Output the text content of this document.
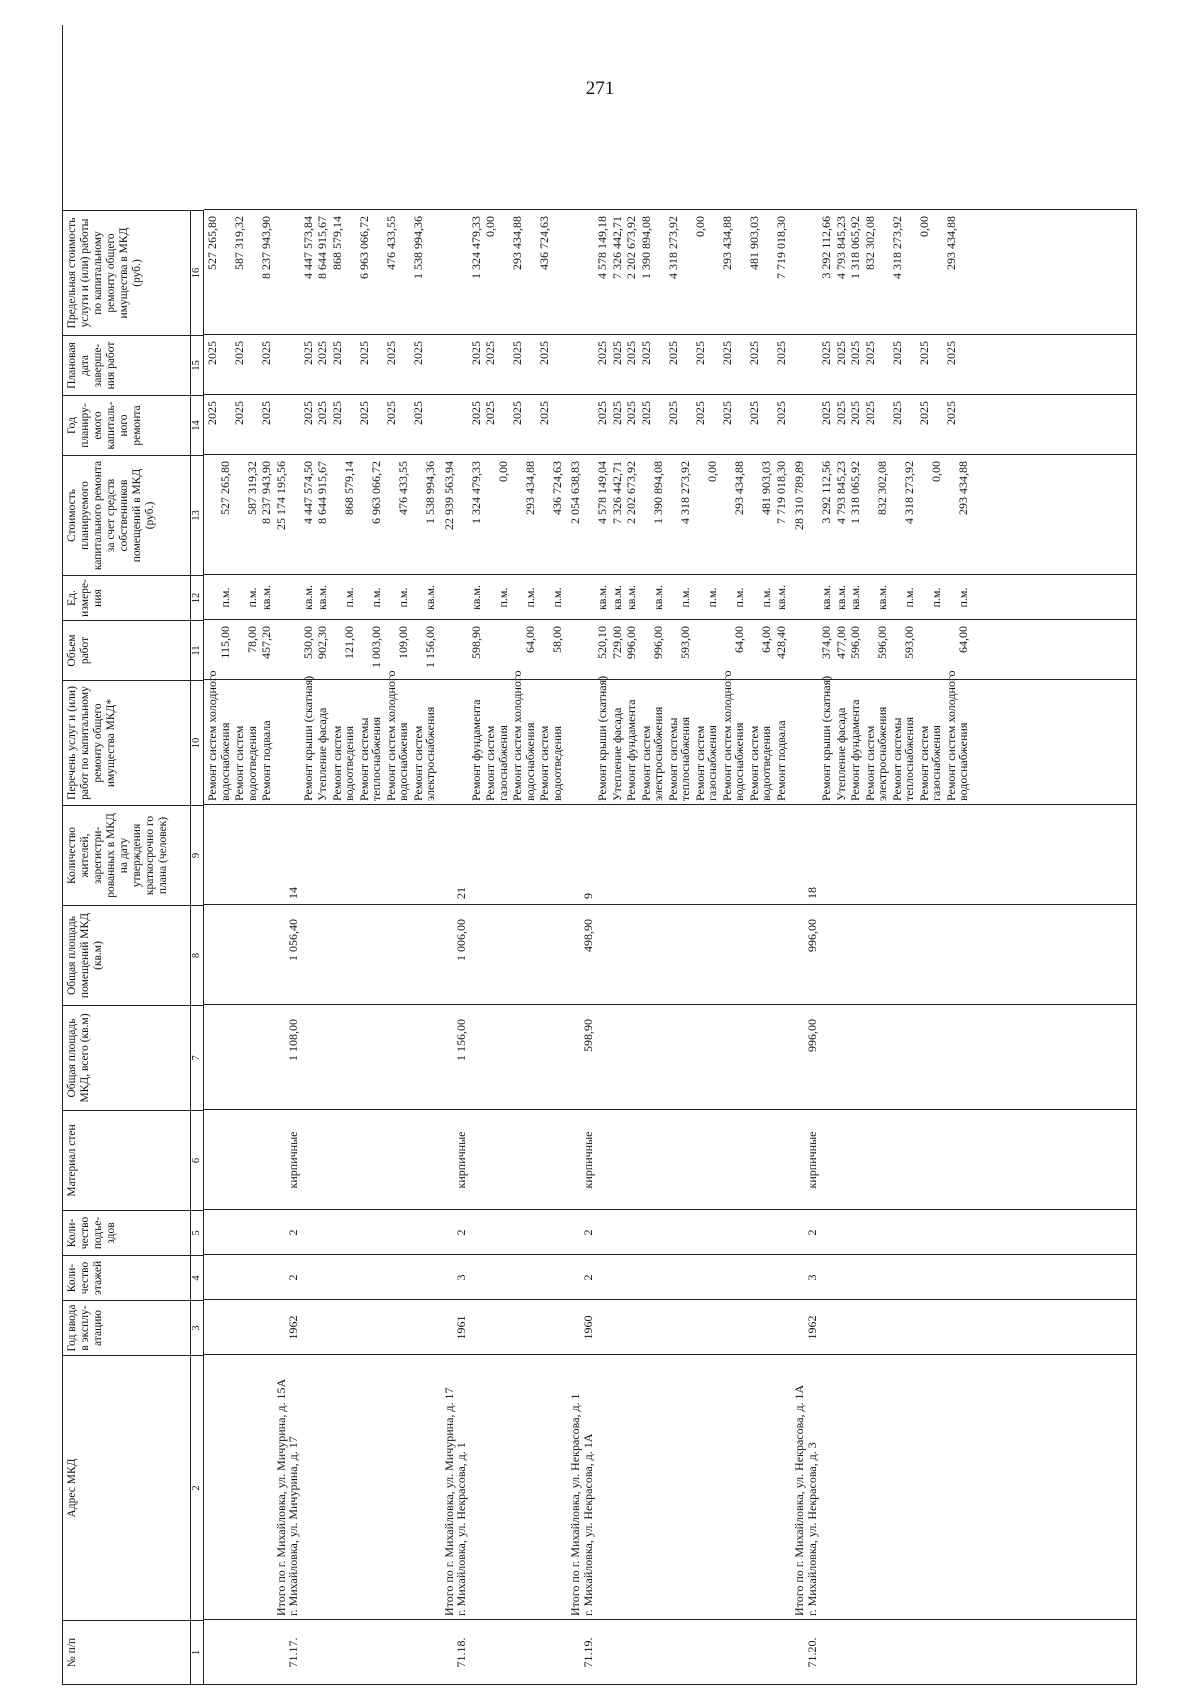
271
№ п/п
Адрес МКД
Год ввода в эксплу-атацию
Коли-чество этажей
Коли-чество подъе-здов
Материал стен
Общая площадь МКД, всего (кв.м)
Общая площадь помещений МКД (кв.м)
Количество жителей, зарегистри-рованных в МКД на дату утверждения краткосрочно го плана (человек)
Перечень услуг и (или) работ по капитальному ремонту общего имущества МКД*
Объем работ
Ед. измере-ния
Стоимость планируемого капитального ремонта за счет средств собственников помещений в МКД (руб.)
Год планиру-емого капиталь-ного ремонта
Плановая дата заверше-ния работ
Предельная стоимость услуги и (или) работы по капитальному ремонту общего имущества в МКД (руб.)
1
2
3
4
5
6
7
8
9
10
11
12
13
14
15
16
Ремонт систем холодного
водоснабжения
115,00
п.м.
527 265,80
2025
2025
527 265,80
Ремонт систем
водоотведения
78,00
п.м.
587 319,32
2025
2025
587 319,32
Ремонт подвала
457,20
кв.м.
8 237 943,90
2025
2025
8 237 943,90
Итого по г. Михайловка, ул. Мичурина, д. 15А
25 174 195,56
71.17.
г. Михайловка, ул. Мичурина, д. 17
1962
2
2
кирпичные
1 108,00
1 056,40
14
Ремонт крыши (скатная)
530,00
кв.м.
4 447 574,50
2025
2025
4 447 573,84
Утепление фасада
902,30
кв.м.
8 644 915,67
2025
2025
8 644 915,67
Ремонт систем
водоотведения
121,00
п.м.
868 579,14
2025
2025
868 579,14
Ремонт системы
теплоснабжения
1 003,00
п.м.
6 963 066,72
2025
2025
6 963 066,72
Ремонт систем холодного
водоснабжения
109,00
п.м.
476 433,55
2025
2025
476 433,55
Ремонт систем
электроснабжения
1 156,00
кв.м.
1 538 994,36
2025
2025
1 538 994,36
Итого по г. Михайловка, ул. Мичурина, д. 17
22 939 563,94
71.18.
г. Михайловка, ул. Некрасова, д. 1
1961
3
2
кирпичные
1 156,00
1 006,00
21
Ремонт фундамента
598,90
кв.м.
1 324 479,33
2025
2025
1 324 479,33
Ремонт систем
газоснабжения
п.м.
0,00
2025
2025
0,00
Ремонт систем холодного
водоснабжения
64,00
п.м.
293 434,88
2025
2025
293 434,88
Ремонт систем
водоотведения
58,00
п.м.
436 724,63
2025
2025
436 724,63
Итого по г. Михайловка, ул. Некрасова, д. 1
2 054 638,83
71.19.
г. Михайловка, ул. Некрасова, д. 1А
1960
2
2
кирпичные
598,90
498,90
9
Ремонт крыши (скатная)
520,10
кв.м.
4 578 149,04
2025
2025
4 578 149,18
Утепление фасада
729,00
кв.м.
7 326 442,71
2025
2025
7 326 442,71
Ремонт фундамента
996,00
кв.м.
2 202 673,92
2025
2025
2 202 673,92
Ремонт систем
электроснабжения
996,00
кв.м.
1 390 894,08
2025
2025
1 390 894,08
Ремонт системы
теплоснабжения
593,00
п.м.
4 318 273,92
2025
2025
4 318 273,92
Ремонт систем
газоснабжения
п.м.
0,00
2025
2025
0,00
Ремонт систем холодного
водоснабжения
64,00
п.м.
293 434,88
2025
2025
293 434,88
Ремонт систем
водоотведения
64,00
п.м.
481 903,03
2025
2025
481 903,03
Ремонт подвала
428,40
кв.м.
7 719 018,30
2025
2025
7 719 018,30
Итого по г. Михайловка, ул. Некрасова, д. 1А
28 310 789,89
71.20.
г. Михайловка, ул. Некрасова, д. 3
1962
3
2
кирпичные
996,00
996,00
18
Ремонт крыши (скатная)
374,00
кв.м.
3 292 112,56
2025
2025
3 292 112,66
Утепление фасада
477,00
кв.м.
4 793 845,23
2025
2025
4 793 845,23
Ремонт фундамента
596,00
кв.м.
1 318 065,92
2025
2025
1 318 065,92
Ремонт систем
электроснабжения
596,00
кв.м.
832 302,08
2025
2025
832 302,08
Ремонт системы
теплоснабжения
593,00
п.м.
4 318 273,92
2025
2025
4 318 273,92
Ремонт систем
газоснабжения
п.м.
0,00
2025
2025
0,00
Ремонт систем холодного
водоснабжения
64,00
п.м.
293 434,88
2025
2025
293 434,88
